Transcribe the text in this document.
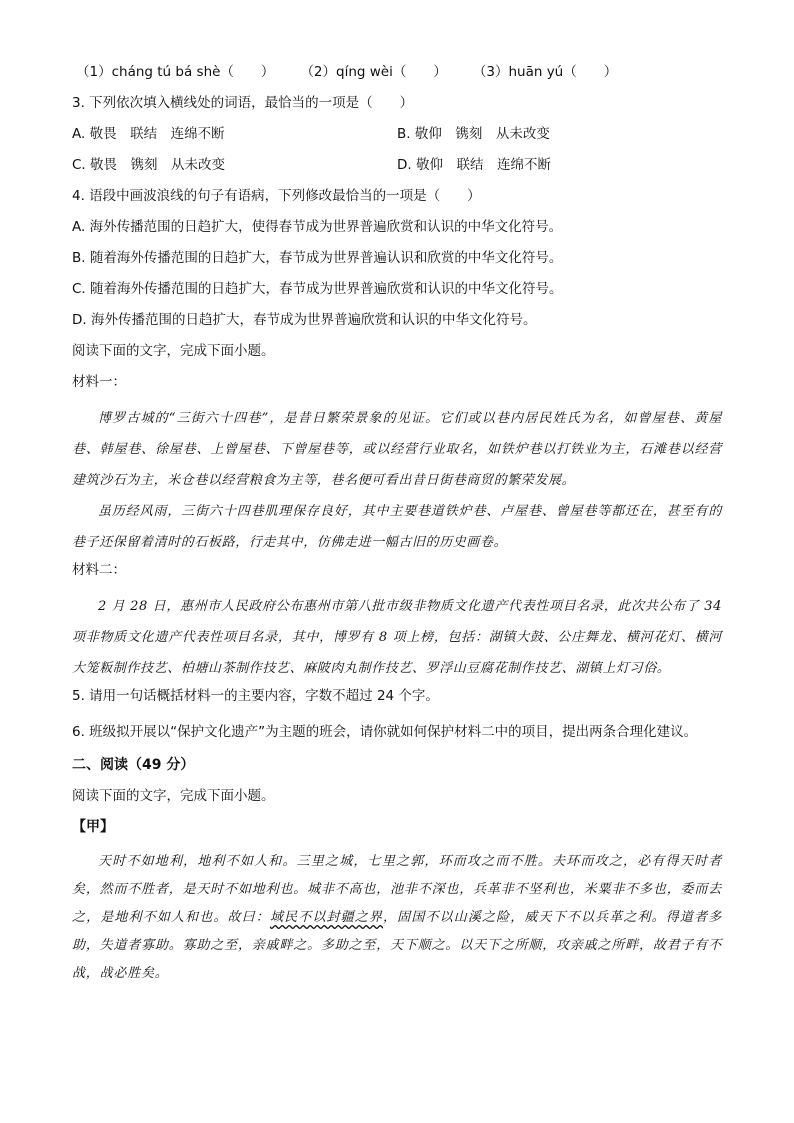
（1）cháng tú bá shè（　　） （2）qíng wèi（　　） （3）huān yú（　　）
3. 下列依次填入横线处的词语，最恰当的一项是（　　）
A. 敬畏　联结　连绵不断	B. 敬仰　镌刻　从未改变
C. 敬畏　镌刻　从未改变	D. 敬仰　联结　连绵不断
4. 语段中画波浪线的句子有语病，下列修改最恰当的一项是（　　）
A. 海外传播范围的日趋扩大，使得春节成为世界普遍欣赏和认识的中华文化符号。
B. 随着海外传播范围的日趋扩大，春节成为世界普遍认识和欣赏的中华文化符号。
C. 随着海外传播范围的日趋扩大，春节成为世界普遍欣赏和认识的中华文化符号。
D. 海外传播范围的日趋扩大，春节成为世界普遍欣赏和认识的中华文化符号。
阅读下面的文字，完成下面小题。
材料一：
博罗古城的“三街六十四巷”，是昔日繁荣景象的见证。它们或以巷内居民姓氏为名，如曾屋巷、黄屋巷、韩屋巷、徐屋巷、上曾屋巷、下曾屋巷等，或以经营行业取名，如铁炉巷以打铁业为主，石滩巷以经营建筑沙石为主，米仓巷以经营粮食为主等，巷名便可看出昔日街巷商贸的繁荣发展。
虽历经风雨，三街六十四巷肌理保存良好，其中主要巷道铁炉巷、卢屋巷、曾屋巷等都还在，甚至有的巷子还保留着清时的石板路，行走其中，仿佛走进一幅古旧的历史画卷。
材料二：
2 月 28 日，惠州市人民政府公布惠州市第八批市级非物质文化遗产代表性项目名录，此次共公布了 34 项非物质文化遗产代表性项目名录，其中，博罗有 8 项上榜，包括：湖镇大鼓、公庄舞龙、横河花灯、横河大笼粄制作技艺、柏塘山茶制作技艺、麻陂肉丸制作技艺、罗浮山豆腐花制作技艺、湖镇上灯习俗。
5. 请用一句话概括材料一的主要内容，字数不超过 24 个字。
6. 班级拟开展以“保护文化遗产”为主题的班会，请你就如何保护材料二中的项目，提出两条合理化建议。
二、阅读（49 分）
阅读下面的文字，完成下面小题。
【甲】
天时不如地利，地利不如人和。三里之城，七里之郭，环而攻之而不胜。夫环而攻之，必有得天时者矣，然而不胜者，是天时不如地利也。城非不高也，池非不深也，兵革非不坚利也，米粟非不多也，委而去之，是地利不如人和也。故曰：域民不以封疆之界，固国不以山溪之险，威天下不以兵革之利。得道者多助，失道者寡助。寡助之至，亲戚畔之。多助之至，天下顺之。以天下之所顺，攻亲戚之所畔，故君子有不战，战必胜矣。
